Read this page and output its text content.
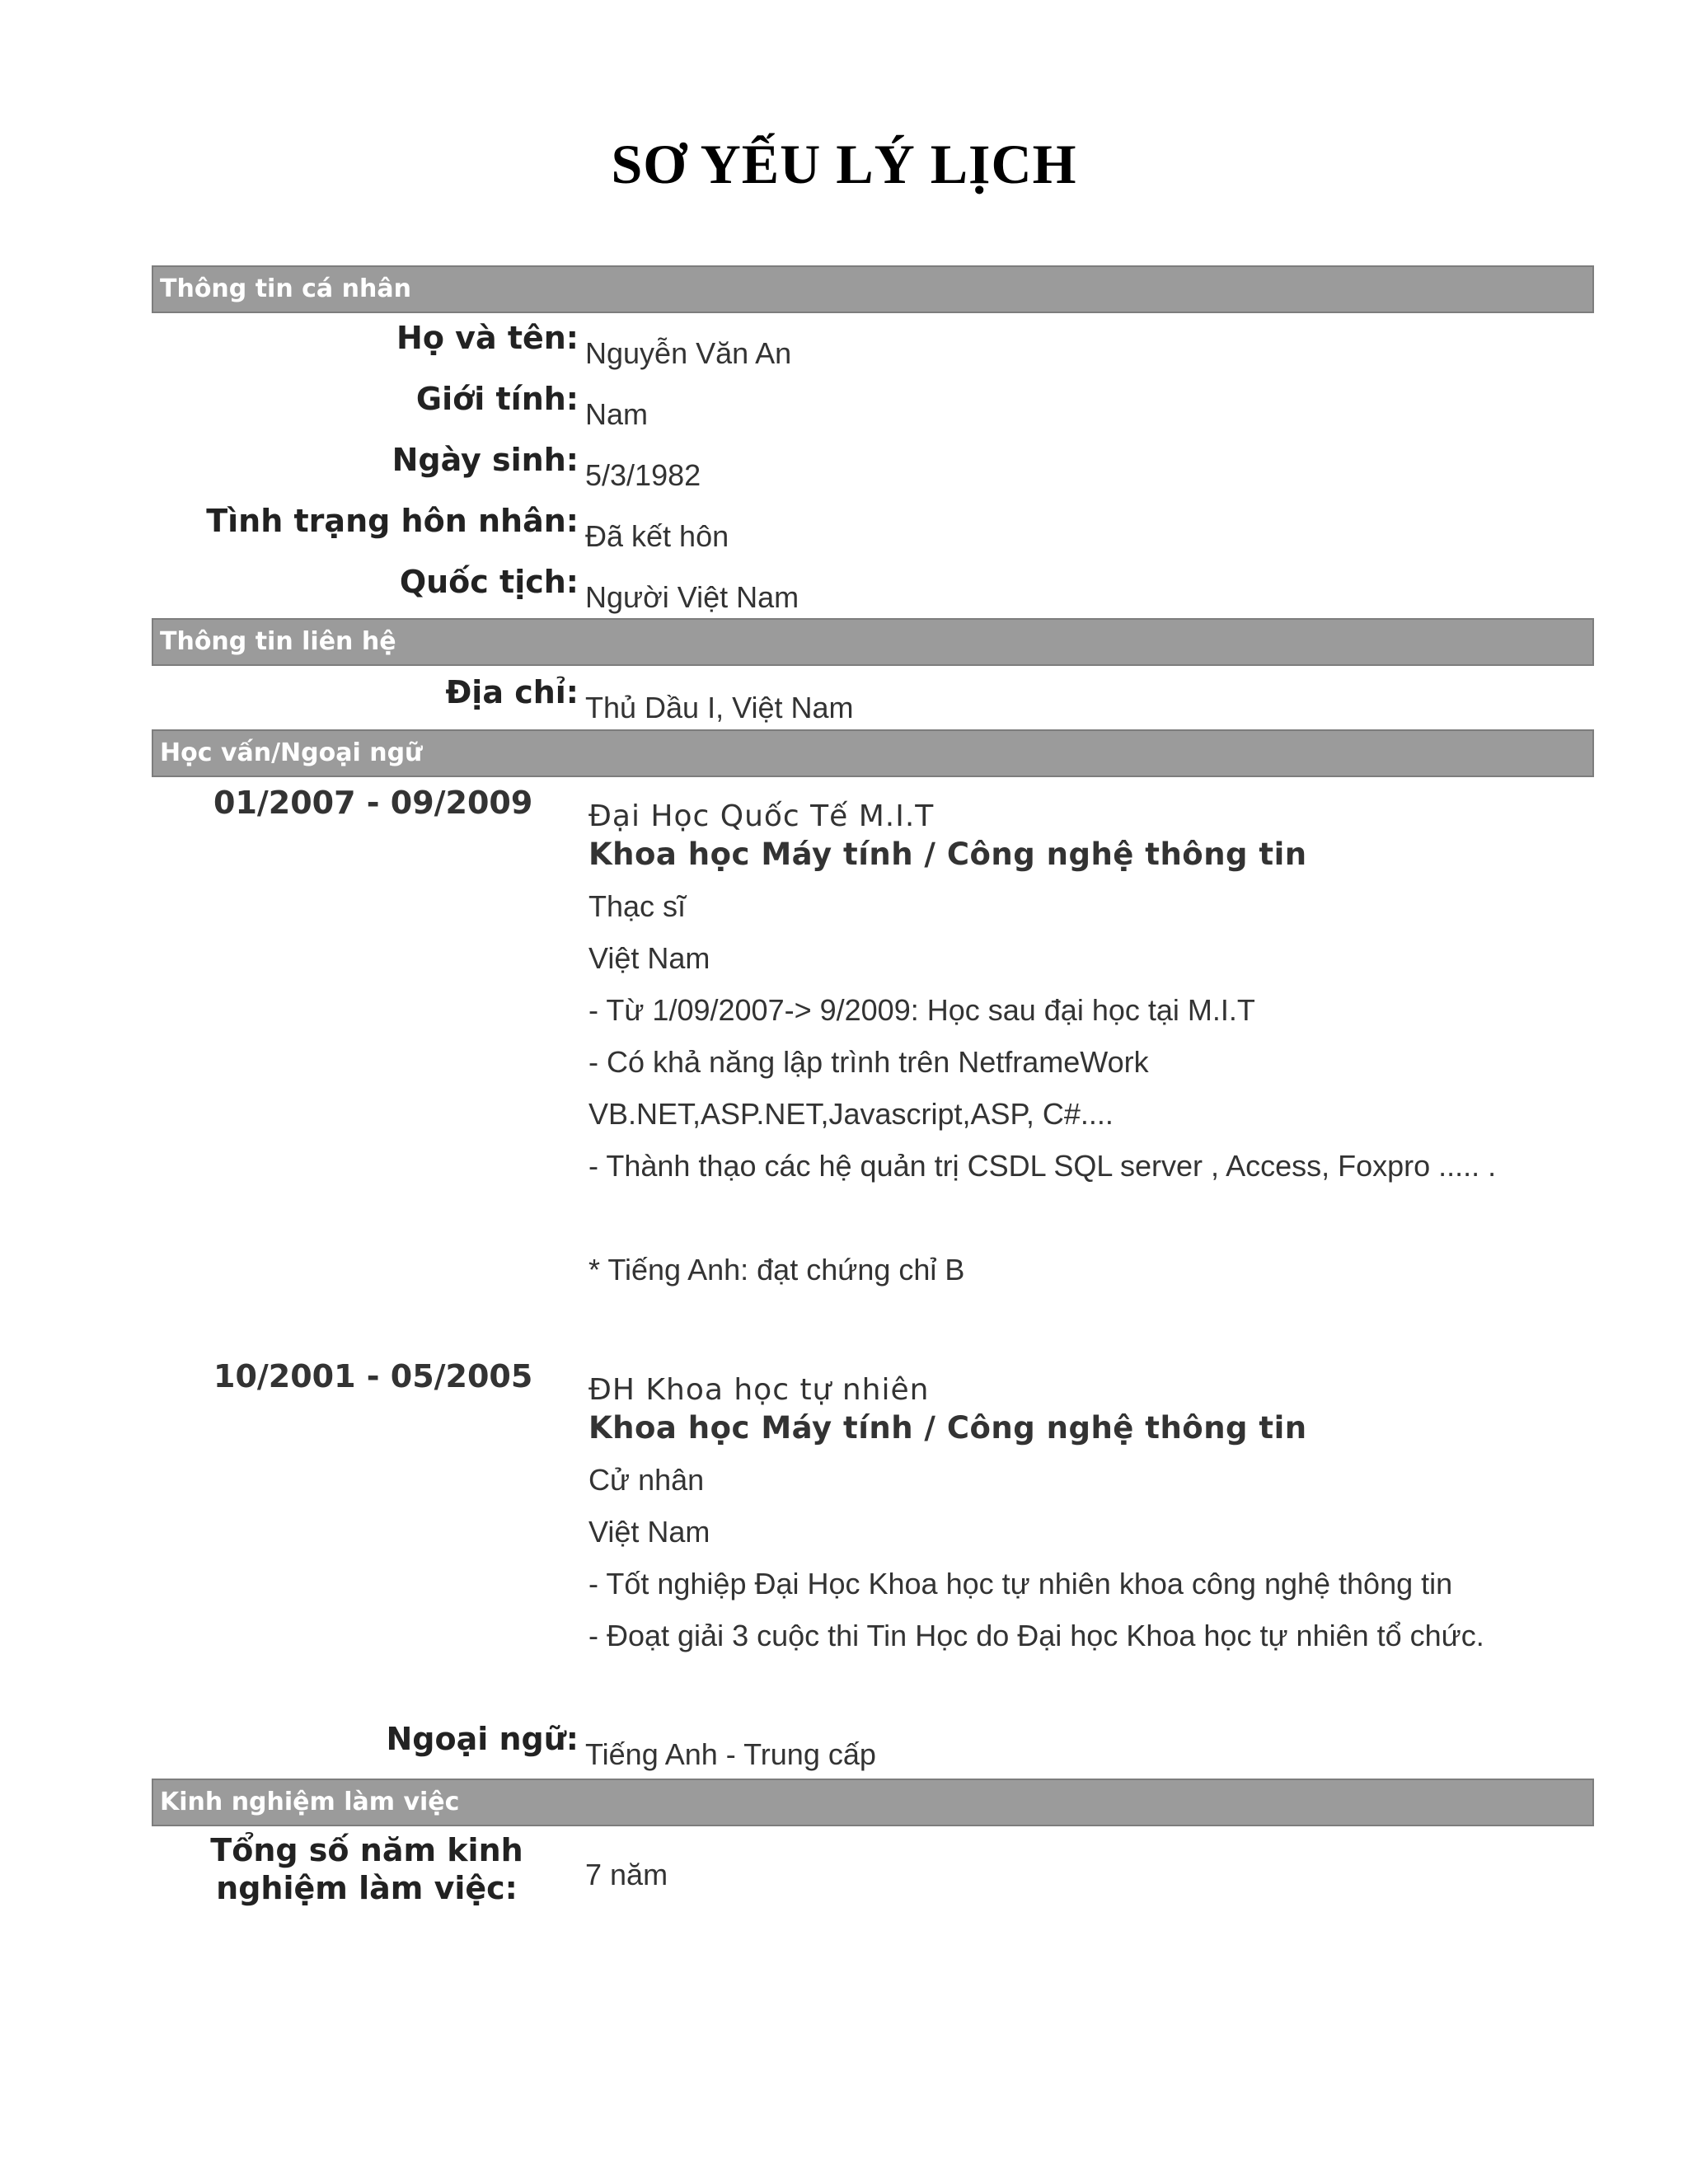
SƠ YẾU LÝ LỊCH
Thông tin cá nhân
Họ và tên: Nguyễn Văn An
Giới tính: Nam
Ngày sinh: 5/3/1982
Tình trạng hôn nhân: Đã kết hôn
Quốc tịch: Người Việt Nam
Thông tin liên hệ
Địa chỉ: Thủ Dầu I, Việt Nam
Học vấn/Ngoại ngữ
01/2007 - 09/2009 Đại Học Quốc Tế M.I.T
Khoa học Máy tính / Công nghệ thông tin
Thạc sĩ
Việt Nam
- Từ 1/09/2007-> 9/2009: Học sau đại học tại M.I.T
- Có khả năng lập trình trên NetframeWork
VB.NET,ASP.NET,Javascript,ASP, C#....
- Thành thạo các hệ quản trị CSDL SQL server , Access, Foxpro ..... .
* Tiếng Anh: đạt chứng chỉ B
10/2001 - 05/2005 ĐH Khoa học tự nhiên
Khoa học Máy tính / Công nghệ thông tin
Cử nhân
Việt Nam
- Tốt nghiệp Đại Học Khoa học tự nhiên khoa công nghệ thông tin
- Đoạt giải 3 cuộc thi Tin Học do Đại học Khoa học tự nhiên tổ chức.
Ngoại ngữ: Tiếng Anh - Trung cấp
Kinh nghiệm làm việc
Tổng số năm kinh
nghiệm làm việc:	7 năm
